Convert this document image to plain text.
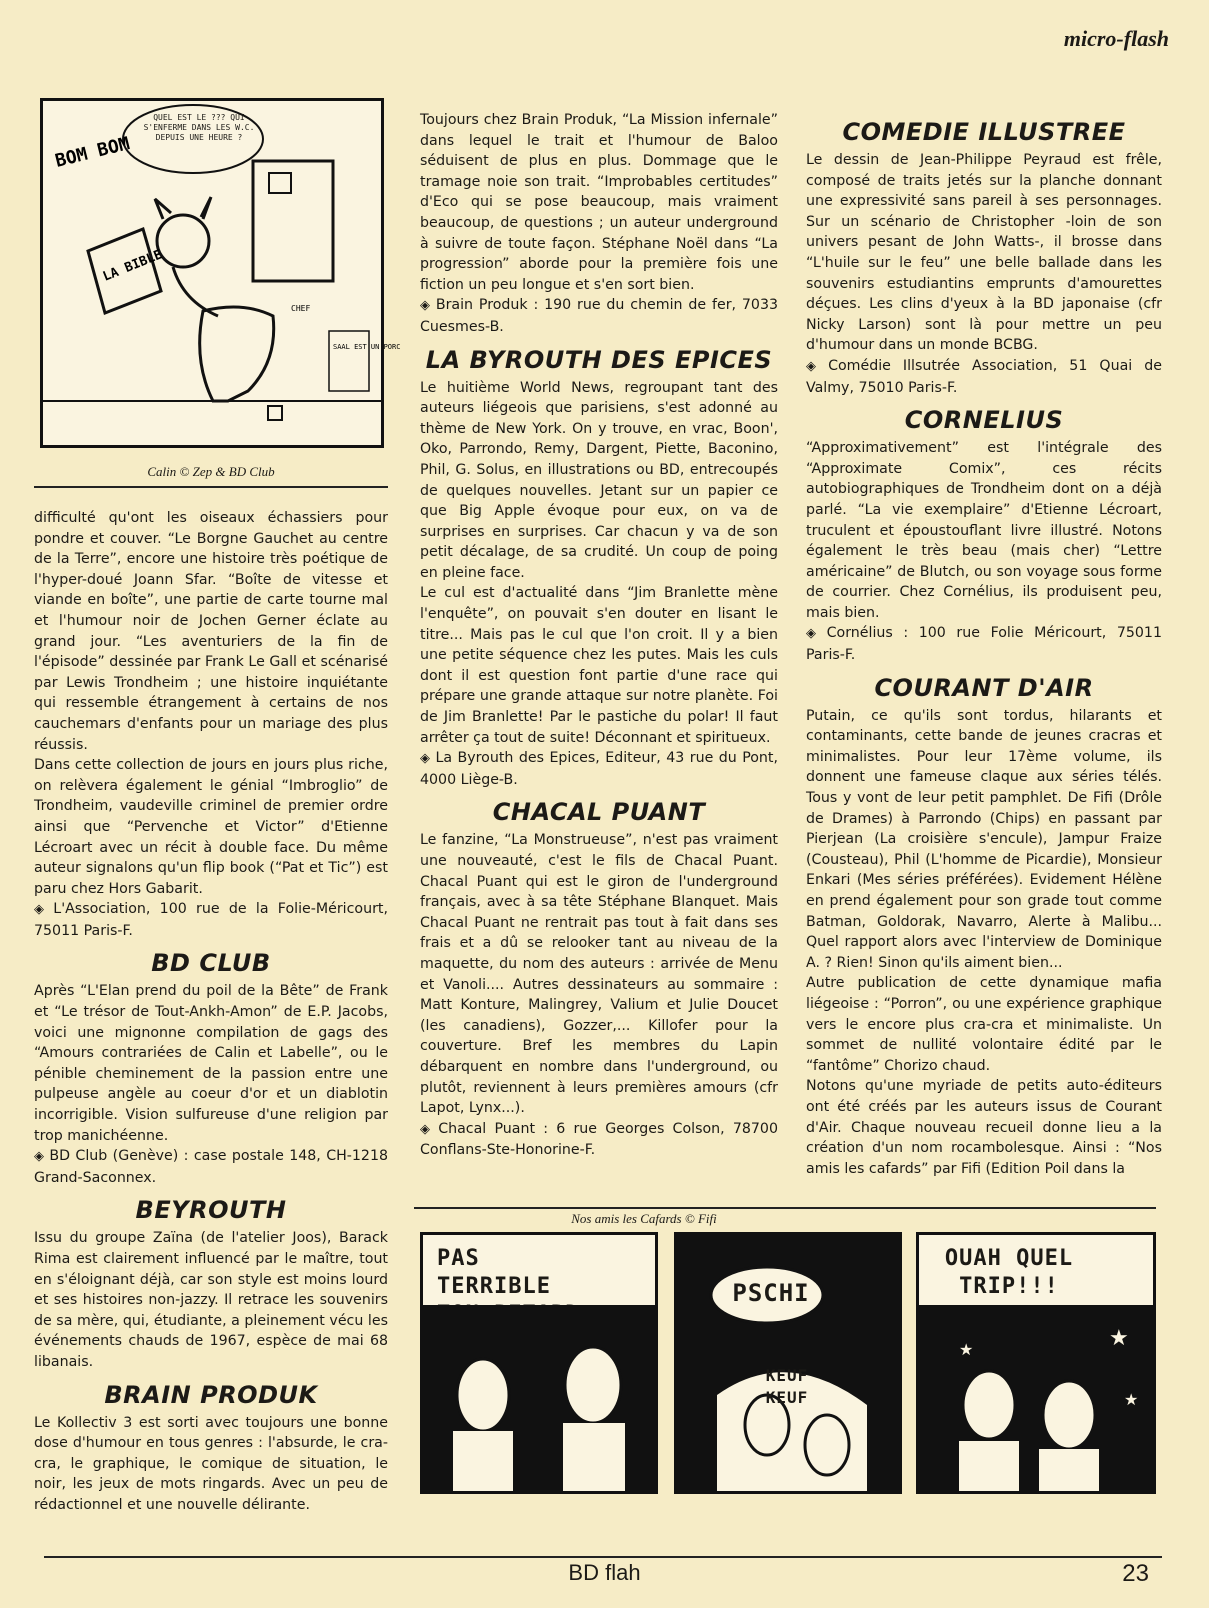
micro-flash
LA BIBLE
BOM BOM
SAAL EST UN PORC
CHEF
QUEL EST LE ??? QUI S'ENFERME DANS LES W.C. DEPUIS UNE HEURE ?
Calin © Zep & BD Club

difficulté qu'ont les oiseaux échassiers pour pondre et couver. “Le Borgne Gauchet au centre de la Terre”, encore une histoire très poétique de l'hyper-doué Joann Sfar. “Boîte de vitesse et viande en boîte”, une partie de carte tourne mal et l'humour noir de Jochen Gerner éclate au grand jour. “Les aventuriers de la fin de l'épisode” dessinée par Frank Le Gall et scénarisé par Lewis Trondheim ; une histoire inquiétante qui ressemble étrangement à certains de nos cauchemars d'enfants pour un mariage des plus réussis.

Dans cette collection de jours en jours plus riche, on relèvera également le génial “Imbroglio” de Trondheim, vaudeville criminel de premier ordre ainsi que “Pervenche et Victor” d'Etienne Lécroart avec un récit à double face. Du même auteur signalons qu'un flip book (“Pat et Tic”) est paru chez Hors Gabarit.

◈ L'Association, 100 rue de la Folie-Méricourt, 75011 Paris-F.

BD CLUB

Après “L'Elan prend du poil de la Bête” de Frank et “Le trésor de Tout-Ankh-Amon” de E.P. Jacobs, voici une mignonne compilation de gags des “Amours contrariées de Calin et Labelle”, ou le pénible cheminement de la passion entre une pulpeuse angèle au coeur d'or et un diablotin incorrigible. Vision sulfureuse d'une religion par trop manichéenne.

◈ BD Club (Genève) : case postale 148, CH-1218 Grand-Saconnex.

BEYROUTH

Issu du groupe Zaïna (de l'atelier Joos), Barack Rima est clairement influencé par le maître, tout en s'éloignant déjà, car son style est moins lourd et ses histoires non-jazzy. Il retrace les souvenirs de sa mère, qui, étudiante, a pleinement vécu les événements chauds de 1967, espèce de mai 68 libanais.

BRAIN PRODUK

Le Kollectiv 3 est sorti avec toujours une bonne dose d'humour en tous genres : l'absurde, le cra-cra, le graphique, le comique de situation, le noir, les jeux de mots ringards. Avec un peu de rédactionnel et une nouvelle délirante.

Toujours chez Brain Produk, “La Mission infernale” dans lequel le trait et l'humour de Baloo séduisent de plus en plus. Dommage que le tramage noie son trait. “Improbables certitudes” d'Eco qui se pose beaucoup, mais vraiment beaucoup, de questions ; un auteur underground à suivre de toute façon. Stéphane Noël dans “La progression” aborde pour la première fois une fiction un peu longue et s'en sort bien.

◈ Brain Produk : 190 rue du chemin de fer, 7033 Cuesmes-B.

LA BYROUTH DES EPICES

Le huitième World News, regroupant tant des auteurs liégeois que parisiens, s'est adonné au thème de New York. On y trouve, en vrac, Boon', Oko, Parrondo, Remy, Dargent, Piette, Baconino, Phil, G. Solus, en illustrations ou BD, entrecoupés de quelques nouvelles. Jetant sur un papier ce que Big Apple évoque pour eux, on va de surprises en surprises. Car chacun y va de son petit décalage, de sa crudité. Un coup de poing en pleine face.

Le cul est d'actualité dans “Jim Branlette mène l'enquête”, on pouvait s'en douter en lisant le titre... Mais pas le cul que l'on croit. Il y a bien une petite séquence chez les putes. Mais les culs dont il est question font partie d'une race qui prépare une grande attaque sur notre planète. Foi de Jim Branlette! Par le pastiche du polar! Il faut arrêter ça tout de suite! Déconnant et spiritueux.

◈ La Byrouth des Epices, Editeur, 43 rue du Pont, 4000 Liège-B.

CHACAL PUANT

Le fanzine, “La Monstrueuse”, n'est pas vraiment une nouveauté, c'est le fils de Chacal Puant. Chacal Puant qui est le giron de l'underground français, avec à sa tête Stéphane Blanquet. Mais Chacal Puant ne rentrait pas tout à fait dans ses frais et a dû se relooker tant au niveau de la maquette, du nom des auteurs : arrivée de Menu et Vanoli.... Autres dessinateurs au sommaire : Matt Konture, Malingrey, Valium et Julie Doucet (les canadiens), Gozzer,... Killofer pour la couverture. Bref les membres du Lapin débarquent en nombre dans l'underground, ou plutôt, reviennent à leurs premières amours (cfr Lapot, Lynx...).

◈ Chacal Puant : 6 rue Georges Colson, 78700 Conflans-Ste-Honorine-F.

COMEDIE ILLUSTREE

Le dessin de Jean-Philippe Peyraud est frêle, composé de traits jetés sur la planche donnant une expressivité sans pareil à ses personnages. Sur un scénario de Christopher -loin de son univers pesant de John Watts-, il brosse dans “L'huile sur le feu” une belle ballade dans les souvenirs estudiantins emprunts d'amourettes déçues. Les clins d'yeux à la BD japonaise (cfr Nicky Larson) sont là pour mettre un peu d'humour dans un monde BCBG.

◈ Comédie Illsutrée Association, 51 Quai de Valmy, 75010 Paris-F.

CORNELIUS

“Approximativement” est l'intégrale des “Approximate Comix”, ces récits autobiographiques de Trondheim dont on a déjà parlé. “La vie exemplaire” d'Etienne Lécroart, truculent et époustouflant livre illustré. Notons également le très beau (mais cher) “Lettre américaine” de Blutch, ou son voyage sous forme de courrier. Chez Cornélius, ils produisent peu, mais bien.

◈ Cornélius : 100 rue Folie Méricourt, 75011 Paris-F.

COURANT D'AIR

Putain, ce qu'ils sont tordus, hilarants et contaminants, cette bande de jeunes cracras et minimalistes. Pour leur 17ème volume, ils donnent une fameuse claque aux séries télés. Tous y vont de leur petit pamphlet. De Fifi (Drôle de Drames) à Parrondo (Chips) en passant par Pierjean (La croisière s'encule), Jampur Fraize (Cousteau), Phil (L'homme de Picardie), Monsieur Enkari (Mes séries préférées). Evidement Hélène en prend également pour son grade tout comme Batman, Goldorak, Navarro, Alerte à Malibu... Quel rapport alors avec l'interview de Dominique A. ? Rien! Sinon qu'ils aiment bien...

Autre publication de cette dynamique mafia liégeoise : “Porron”, ou une expérience graphique vers le encore plus cra-cra et minimaliste. Un sommet de nullité volontaire édité par le “fantôme” Chorizo chaud.

Notons qu'une myriade de petits auto-éditeurs ont été créés par les auteurs issus de Courant d'Air. Chaque nouveau recueil donne lieu a la création d'un nom rocambolesque. Ainsi : “Nos amis les cafards” par Fifi (Edition Poil dans la

Nos amis les Cafards © Fifi
PAS TERRIBLE	PSCHI
KEUF KEUF
★
★
★
OUAH QUEL TRIP!!!
BD flah	23
